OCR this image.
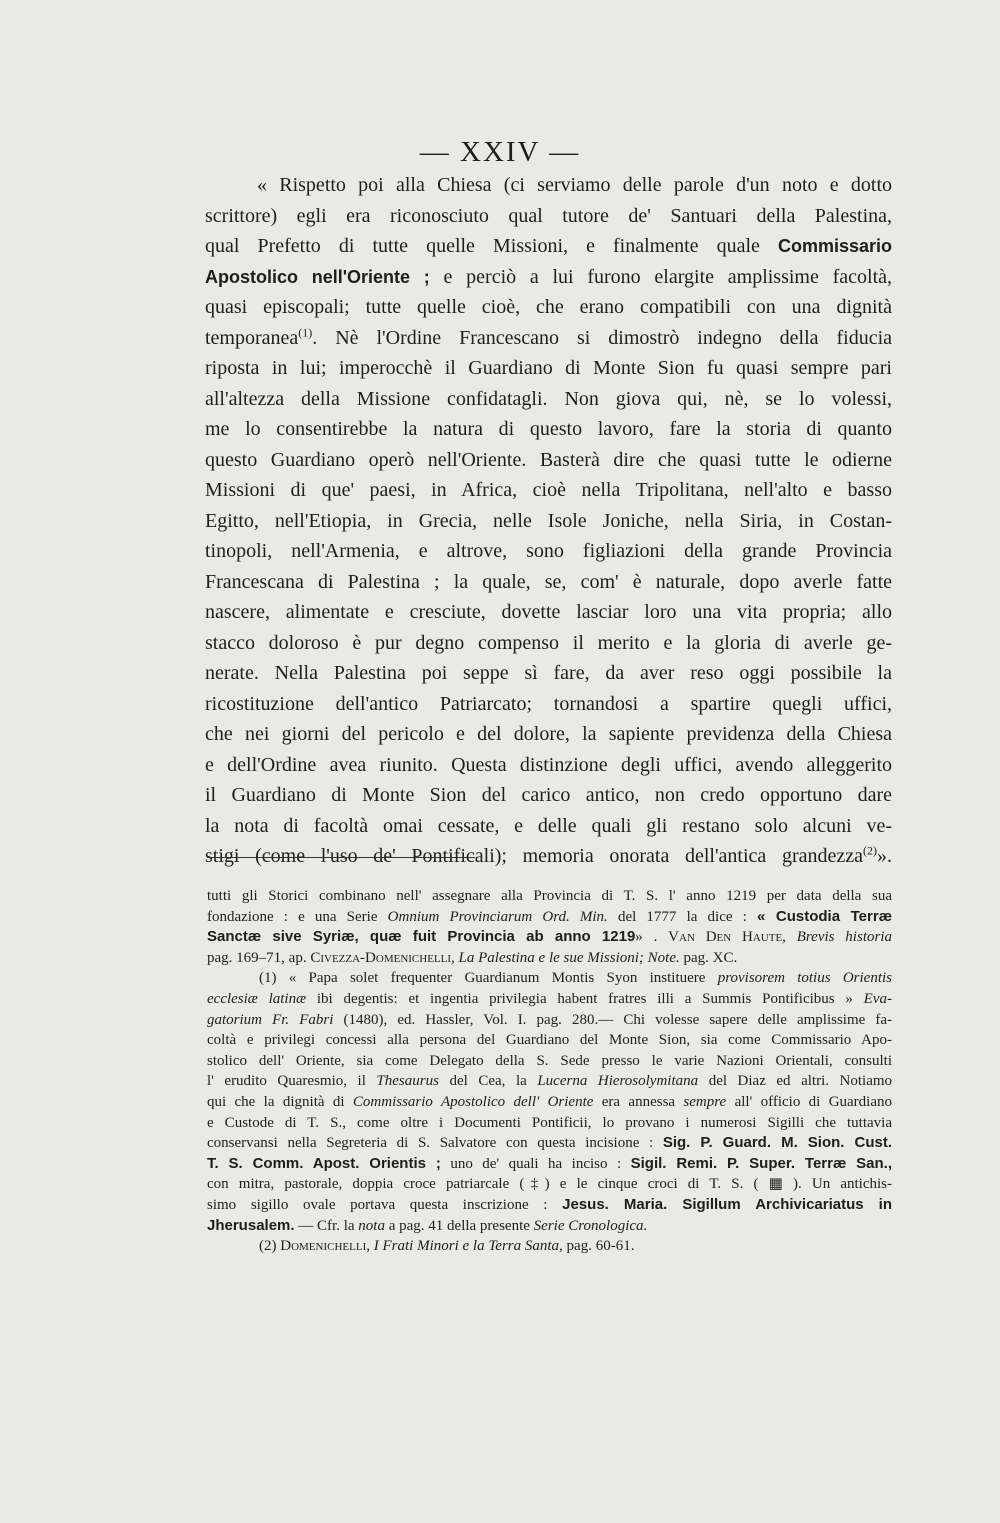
— XXIV —
« Rispetto poi alla Chiesa (ci serviamo delle parole d'un noto e dotto
scrittore) egli era riconosciuto qual tutore de' Santuari della Palestina,
qual Prefetto di tutte quelle Missioni, e finalmente quale Commissario
Apostolico nell'Oriente ; e perciò a lui furono elargite amplissime facoltà,
quasi episcopali; tutte quelle cioè, che erano compatibili con una dignità
temporanea$^{(1)}$. Nè l'Ordine Francescano si dimostrò indegno della fiducia
riposta in lui; imperocchè il Guardiano di Monte Sion fu quasi sempre pari
all'altezza della Missione confidatagli. Non giova qui, nè, se lo volessi,
me lo consentirebbe la natura di questo lavoro, fare la storia di quanto
questo Guardiano operò nell'Oriente. Basterà dire che quasi tutte le odierne
Missioni di que' paesi, in Africa, cioè nella Tripolitana, nell'alto e basso
Egitto, nell'Etiopia, in Grecia, nelle Isole Joniche, nella Siria, in Costan-
tinopoli, nell'Armenia, e altrove, sono figliazioni della grande Provincia
Francescana di Palestina ; la quale, se, com' è naturale, dopo averle fatte
nascere, alimentate e cresciute, dovette lasciar loro una vita propria; allo
stacco doloroso è pur degno compenso il merito e la gloria di averle ge-
nerate. Nella Palestina poi seppe sì fare, da aver reso oggi possibile la
ricostituzione dell'antico Patriarcato; tornandosi a spartire quegli uffici,
che nei giorni del pericolo e del dolore, la sapiente previdenza della Chiesa
e dell'Ordine avea riunito. Questa distinzione degli uffici, avendo alleggerito
il Guardiano di Monte Sion del carico antico, non credo opportuno dare
la nota di facoltà omai cessate, e delle quali gli restano solo alcuni ve-
stigi (come l'uso de' Pontificali); memoria onorata dell'antica grandezza$^{(2)}$».
tutti gli Storici combinano nell' assegnare alla Provincia di T. S. l' anno 1219 per data della sua
fondazione : e una Serie Omnium Provinciarum Ord. Min. del 1777 la dice : « Custodia Terræ
Sanctæ sive Syriæ, quæ fuit Provincia ab anno 1219» . Van Den Haute, Brevis historia
pag. 169–71, ap. Civezza-Domenichelli, La Palestina e le sue Missioni; Note. pag. XC.
(1) « Papa solet frequenter Guardianum Montis Syon instituere provisorem totius Orientis
ecclesiæ latinæ ibi degentis: et ingentia privilegia habent fratres illi a Summis Pontificibus » Eva-
gatorium Fr. Fabri (1480), ed. Hassler, Vol. I. pag. 280.— Chi volesse sapere delle amplissime fa-
coltà e privilegi concessi alla persona del Guardiano del Monte Sion, sia come Commissario Apo-
stolico dell' Oriente, sia come Delegato della S. Sede presso le varie Nazioni Orientali, consulti
l' erudito Quaresmio, il Thesaurus del Cea, la Lucerna Hierosolymitana del Diaz ed altri. Notiamo
qui che la dignità di Commissario Apostolico dell' Oriente era annessa sempre all' officio di Guardiano
e Custode di T. S., come oltre i Documenti Pontificii, lo provano i numerosi Sigilli che tuttavia
conservansi nella Segreteria di S. Salvatore con questa incisione : Sig. P. Guard. M. Sion. Cust.
T. S. Comm. Apost. Orientis ; uno de' quali ha inciso : Sigil. Remi. P. Super. Terræ San.,
con mitra, pastorale, doppia croce patriarcale (‡) e le cinque croci di T. S. ( ▦ ). Un antichis-
simo sigillo ovale portava questa inscrizione : Jesus. Maria. Sigillum Archivicariatus in
Jherusalem. — Cfr. la nota a pag. 41 della presente Serie Cronologica.
(2) Domenichelli, I Frati Minori e la Terra Santa, pag. 60-61.
